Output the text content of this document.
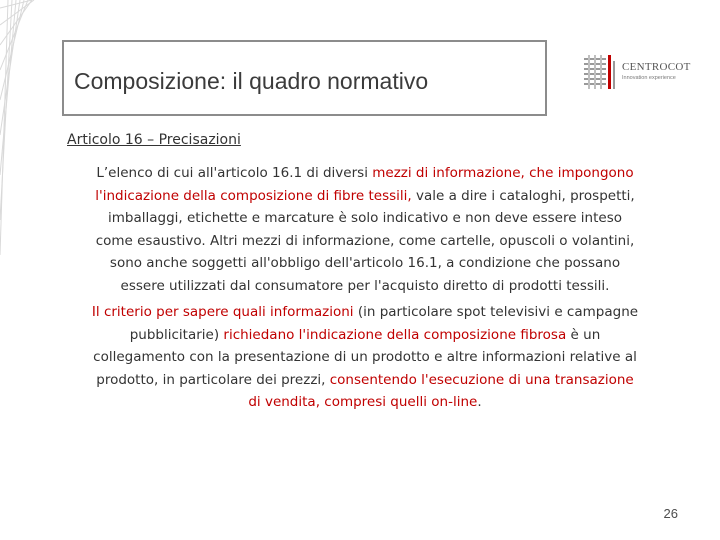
Composizione: il quadro normativo
CENTROCOT
Innovation experience
Articolo 16 – Precisazioni

L’elenco di cui all'articolo 16.1 di diversi mezzi di informazione, che impongono l'indicazione della composizione di fibre tessili, vale a dire i cataloghi, prospetti, imballaggi, etichette e marcature è solo indicativo e non deve essere inteso come esaustivo. Altri mezzi di informazione, come cartelle, opuscoli o volantini, sono anche soggetti all'obbligo dell'articolo 16.1, a condizione che possano essere utilizzati dal consumatore per l'acquisto diretto di prodotti tessili.

Il criterio per sapere quali informazioni (in particolare spot televisivi e campagne pubblicitarie) richiedano l'indicazione della composizione fibrosa è un collegamento con la presentazione di un prodotto e altre informazioni relative al prodotto, in particolare dei prezzi, consentendo l'esecuzione di una transazione di vendita, compresi quelli on-line.

26
